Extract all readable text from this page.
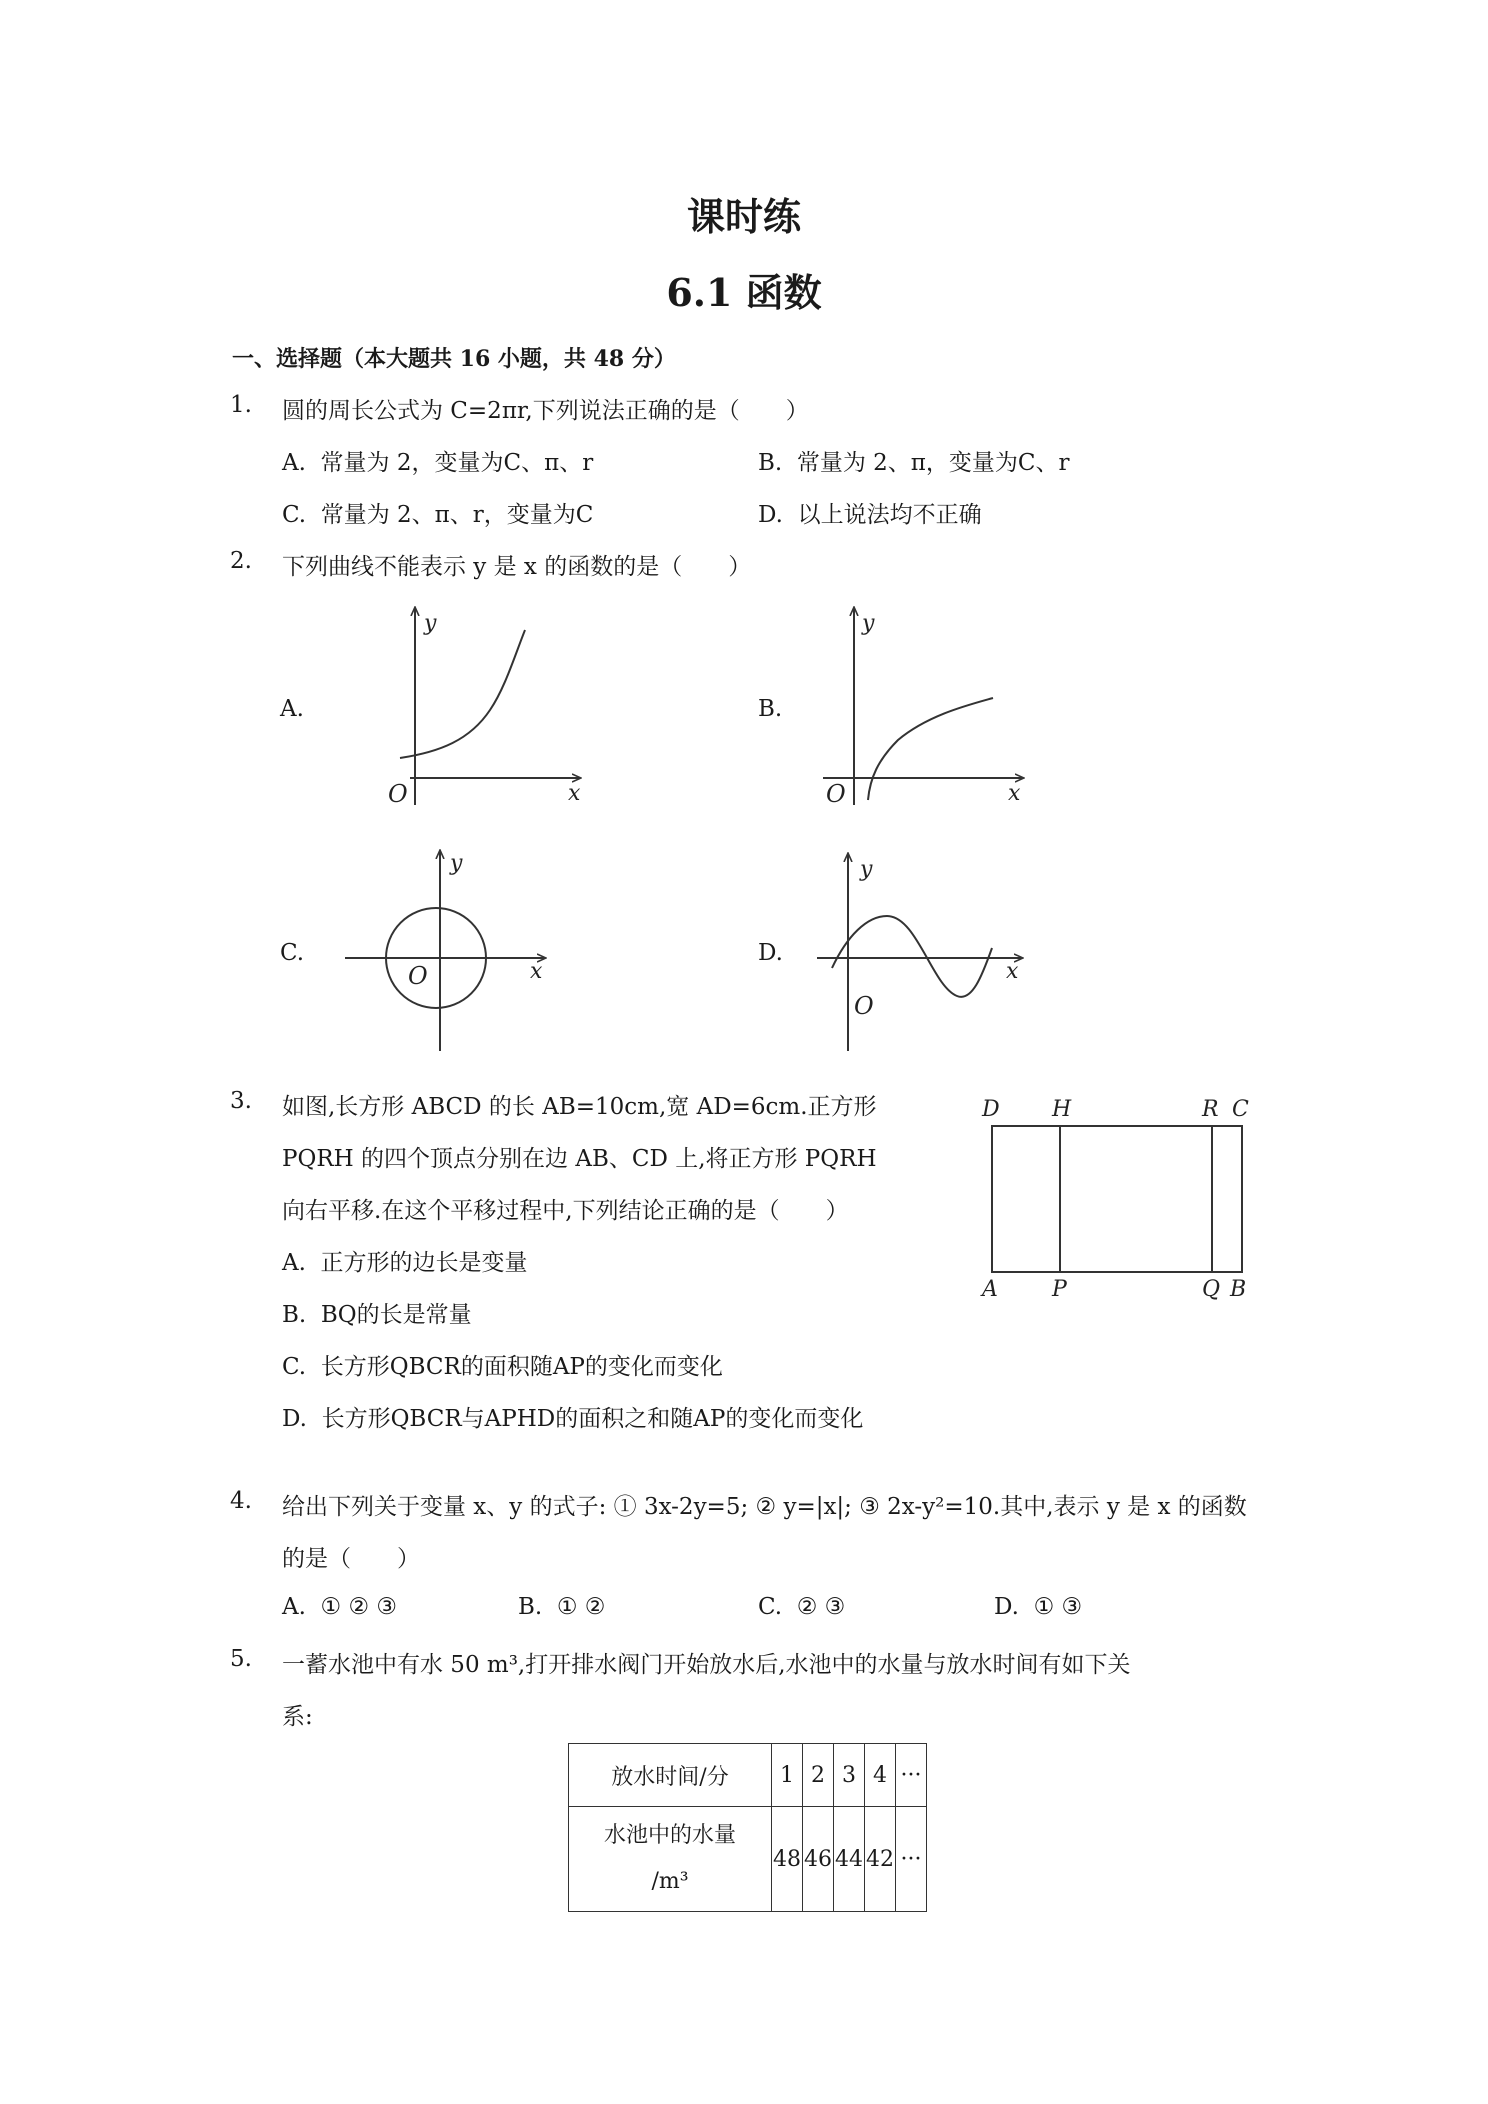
课时练
6.1 函数
一、选择题（本大题共 16 小题，共 48 分）
1. 圆的周长公式为 C=2πr,下列说法正确的是（　　）
A. 常量为 2，变量为C、π、r	B. 常量为 2、π，变量为C、r
C. 常量为 2、π、r，变量为C	D. 以上说法均不正确
2. 下列曲线不能表示 y 是 x 的函数的是（　　）
A.	B.
C.	D.
y
x
O
y
x
O
y
x
O
y
x
O
3. 如图,长方形 ABCD 的长 AB=10cm,宽 AD=6cm.正方形
PQRH 的四个顶点分别在边 AB、CD 上,将正方形 PQRH
向右平移.在这个平移过程中,下列结论正确的是（　　）
A. 正方形的边长是变量
B. BQ的长是常量
C. 长方形QBCR的面积随AP的变化而变化
D. 长方形QBCR与APHD的面积之和随AP的变化而变化
D H	R C
A P	Q B
4. 给出下列关于变量 x、y 的式子: ① 3x-2y=5; ② y=|x|; ③ 2x-y²=10.其中,表示 y 是 x 的函数
的是（　　）
A. ① ② ③	B. ① ②	C. ② ③	D. ① ③
5. 一蓄水池中有水 50 m³,打开排水阀门开始放水后,水池中的水量与放水时间有如下关
系:
放水时间/分	1	2	3	4	···
水池中的水量
/m³	48	46	44	42	···
